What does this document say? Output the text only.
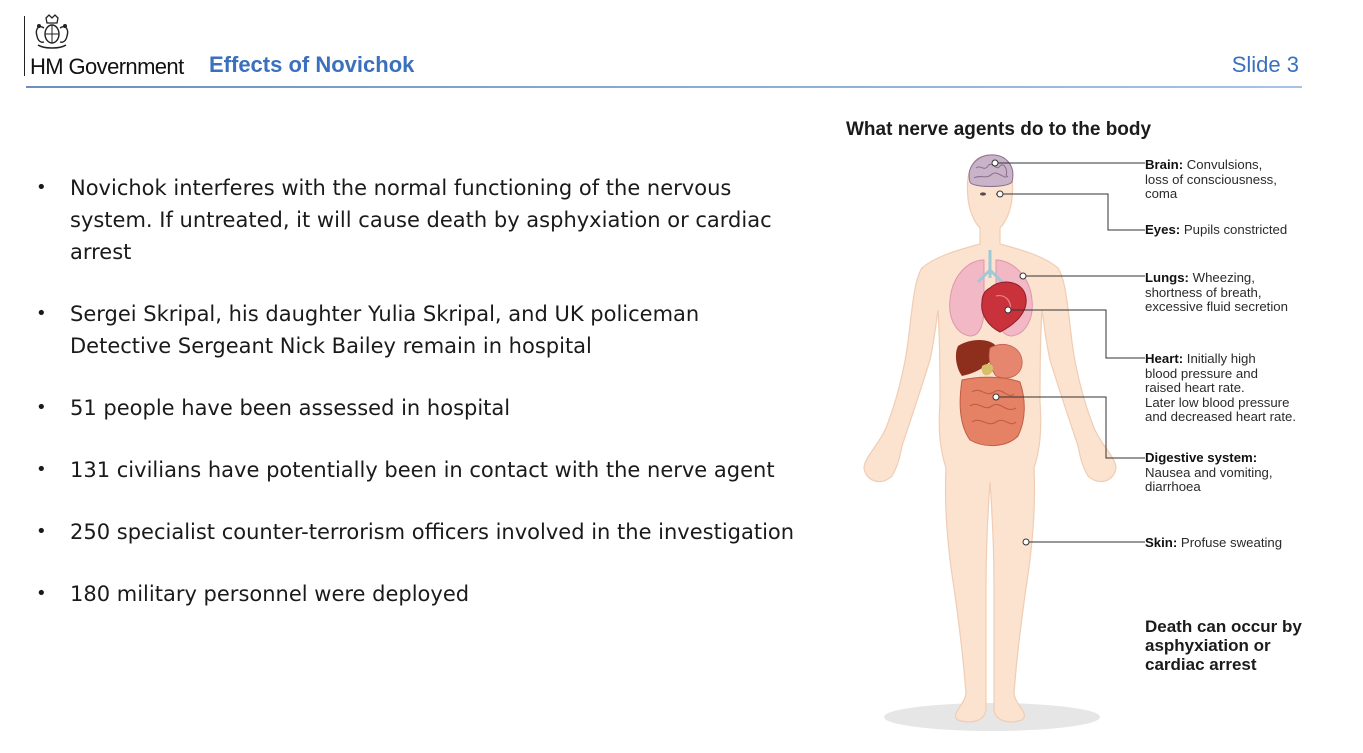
HM Government Effects of Novichok	Slide 3
• Novichok interferes with the normal functioning of the nervous system. If untreated, it will cause death by asphyxiation or cardiac arrest
• Sergei Skripal, his daughter Yulia Skripal, and UK policeman Detective Sergeant Nick Bailey remain in hospital
• 51 people have been assessed in hospital
• 131 civilians have potentially been in contact with the nerve agent
• 250 specialist counter-terrorism officers involved in the investigation
• 180 military personnel were deployed
What nerve agents do to the body
Brain: Convulsions,
loss of consciousness,
coma
Eyes: Pupils constricted
Lungs: Wheezing,
shortness of breath,
excessive fluid secretion
Heart: Initially high
blood pressure and
raised heart rate.
Later low blood pressure
and decreased heart rate.
Digestive system:
Nausea and vomiting,
diarrhoea
Skin: Profuse sweating
Death can occur by asphyxiation or cardiac arrest
